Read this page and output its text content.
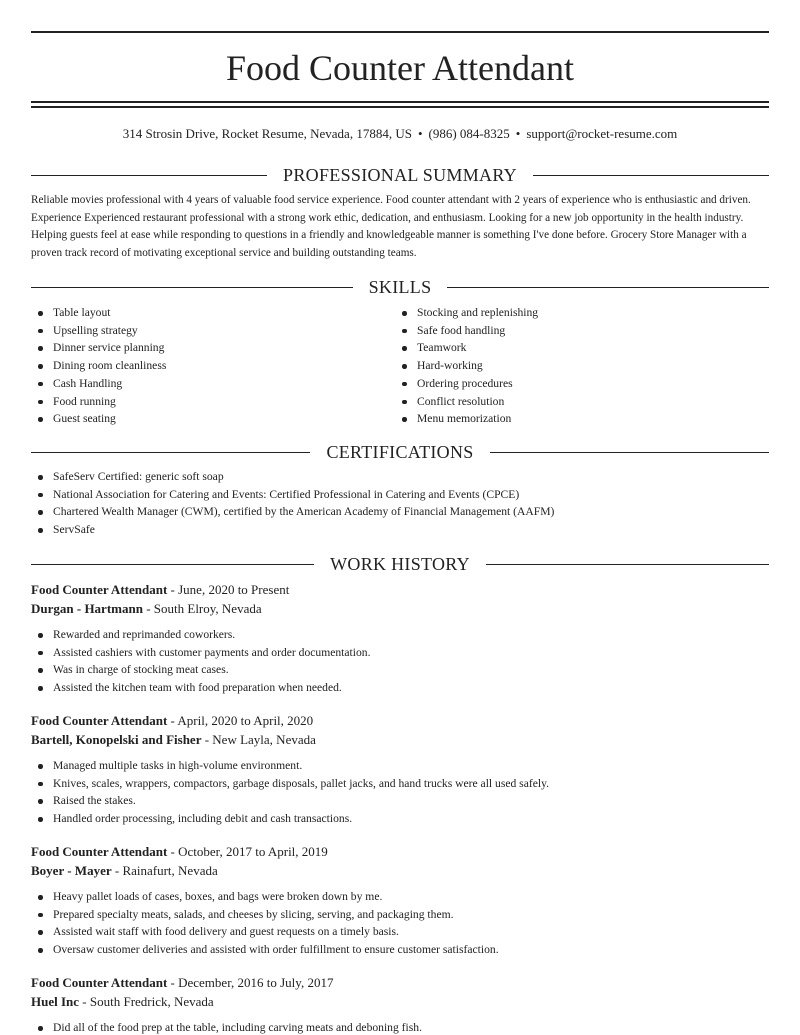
Food Counter Attendant
314 Strosin Drive, Rocket Resume, Nevada, 17884, US • (986) 084-8325 • support@rocket-resume.com
PROFESSIONAL SUMMARY

Reliable movies professional with 4 years of valuable food service experience. Food counter attendant with 2 years of experience who is enthusiastic and driven. Experience Experienced restaurant professional with a strong work ethic, dedication, and enthusiasm. Looking for a new job opportunity in the health industry. Helping guests feel at ease while responding to questions in a friendly and knowledgeable manner is something I've done before. Grocery Store Manager with a proven track record of motivating exceptional service and building outstanding teams.

SKILLS
Table layout
Upselling strategy
Dinner service planning
Dining room cleanliness
Cash Handling
Food running
Guest seating
Stocking and replenishing
Safe food handling
Teamwork
Hard-working
Ordering procedures
Conflict resolution
Menu memorization
CERTIFICATIONS
SafeServ Certified: generic soft soap
National Association for Catering and Events: Certified Professional in Catering and Events (CPCE)
Chartered Wealth Manager (CWM), certified by the American Academy of Financial Management (AAFM)
ServSafe
WORK HISTORY
Food Counter Attendant - June, 2020 to Present
Durgan - Hartmann - South Elroy, Nevada
Rewarded and reprimanded coworkers.
Assisted cashiers with customer payments and order documentation.
Was in charge of stocking meat cases.
Assisted the kitchen team with food preparation when needed.
Food Counter Attendant - April, 2020 to April, 2020
Bartell, Konopelski and Fisher - New Layla, Nevada
Managed multiple tasks in high-volume environment.
Knives, scales, wrappers, compactors, garbage disposals, pallet jacks, and hand trucks were all used safely.
Raised the stakes.
Handled order processing, including debit and cash transactions.
Food Counter Attendant - October, 2017 to April, 2019
Boyer - Mayer - Rainafurt, Nevada
Heavy pallet loads of cases, boxes, and bags were broken down by me.
Prepared specialty meats, salads, and cheeses by slicing, serving, and packaging them.
Assisted wait staff with food delivery and guest requests on a timely basis.
Oversaw customer deliveries and assisted with order fulfillment to ensure customer satisfaction.
Food Counter Attendant - December, 2016 to July, 2017
Huel Inc - South Fredrick, Nevada
Did all of the food prep at the table, including carving meats and deboning fish.
